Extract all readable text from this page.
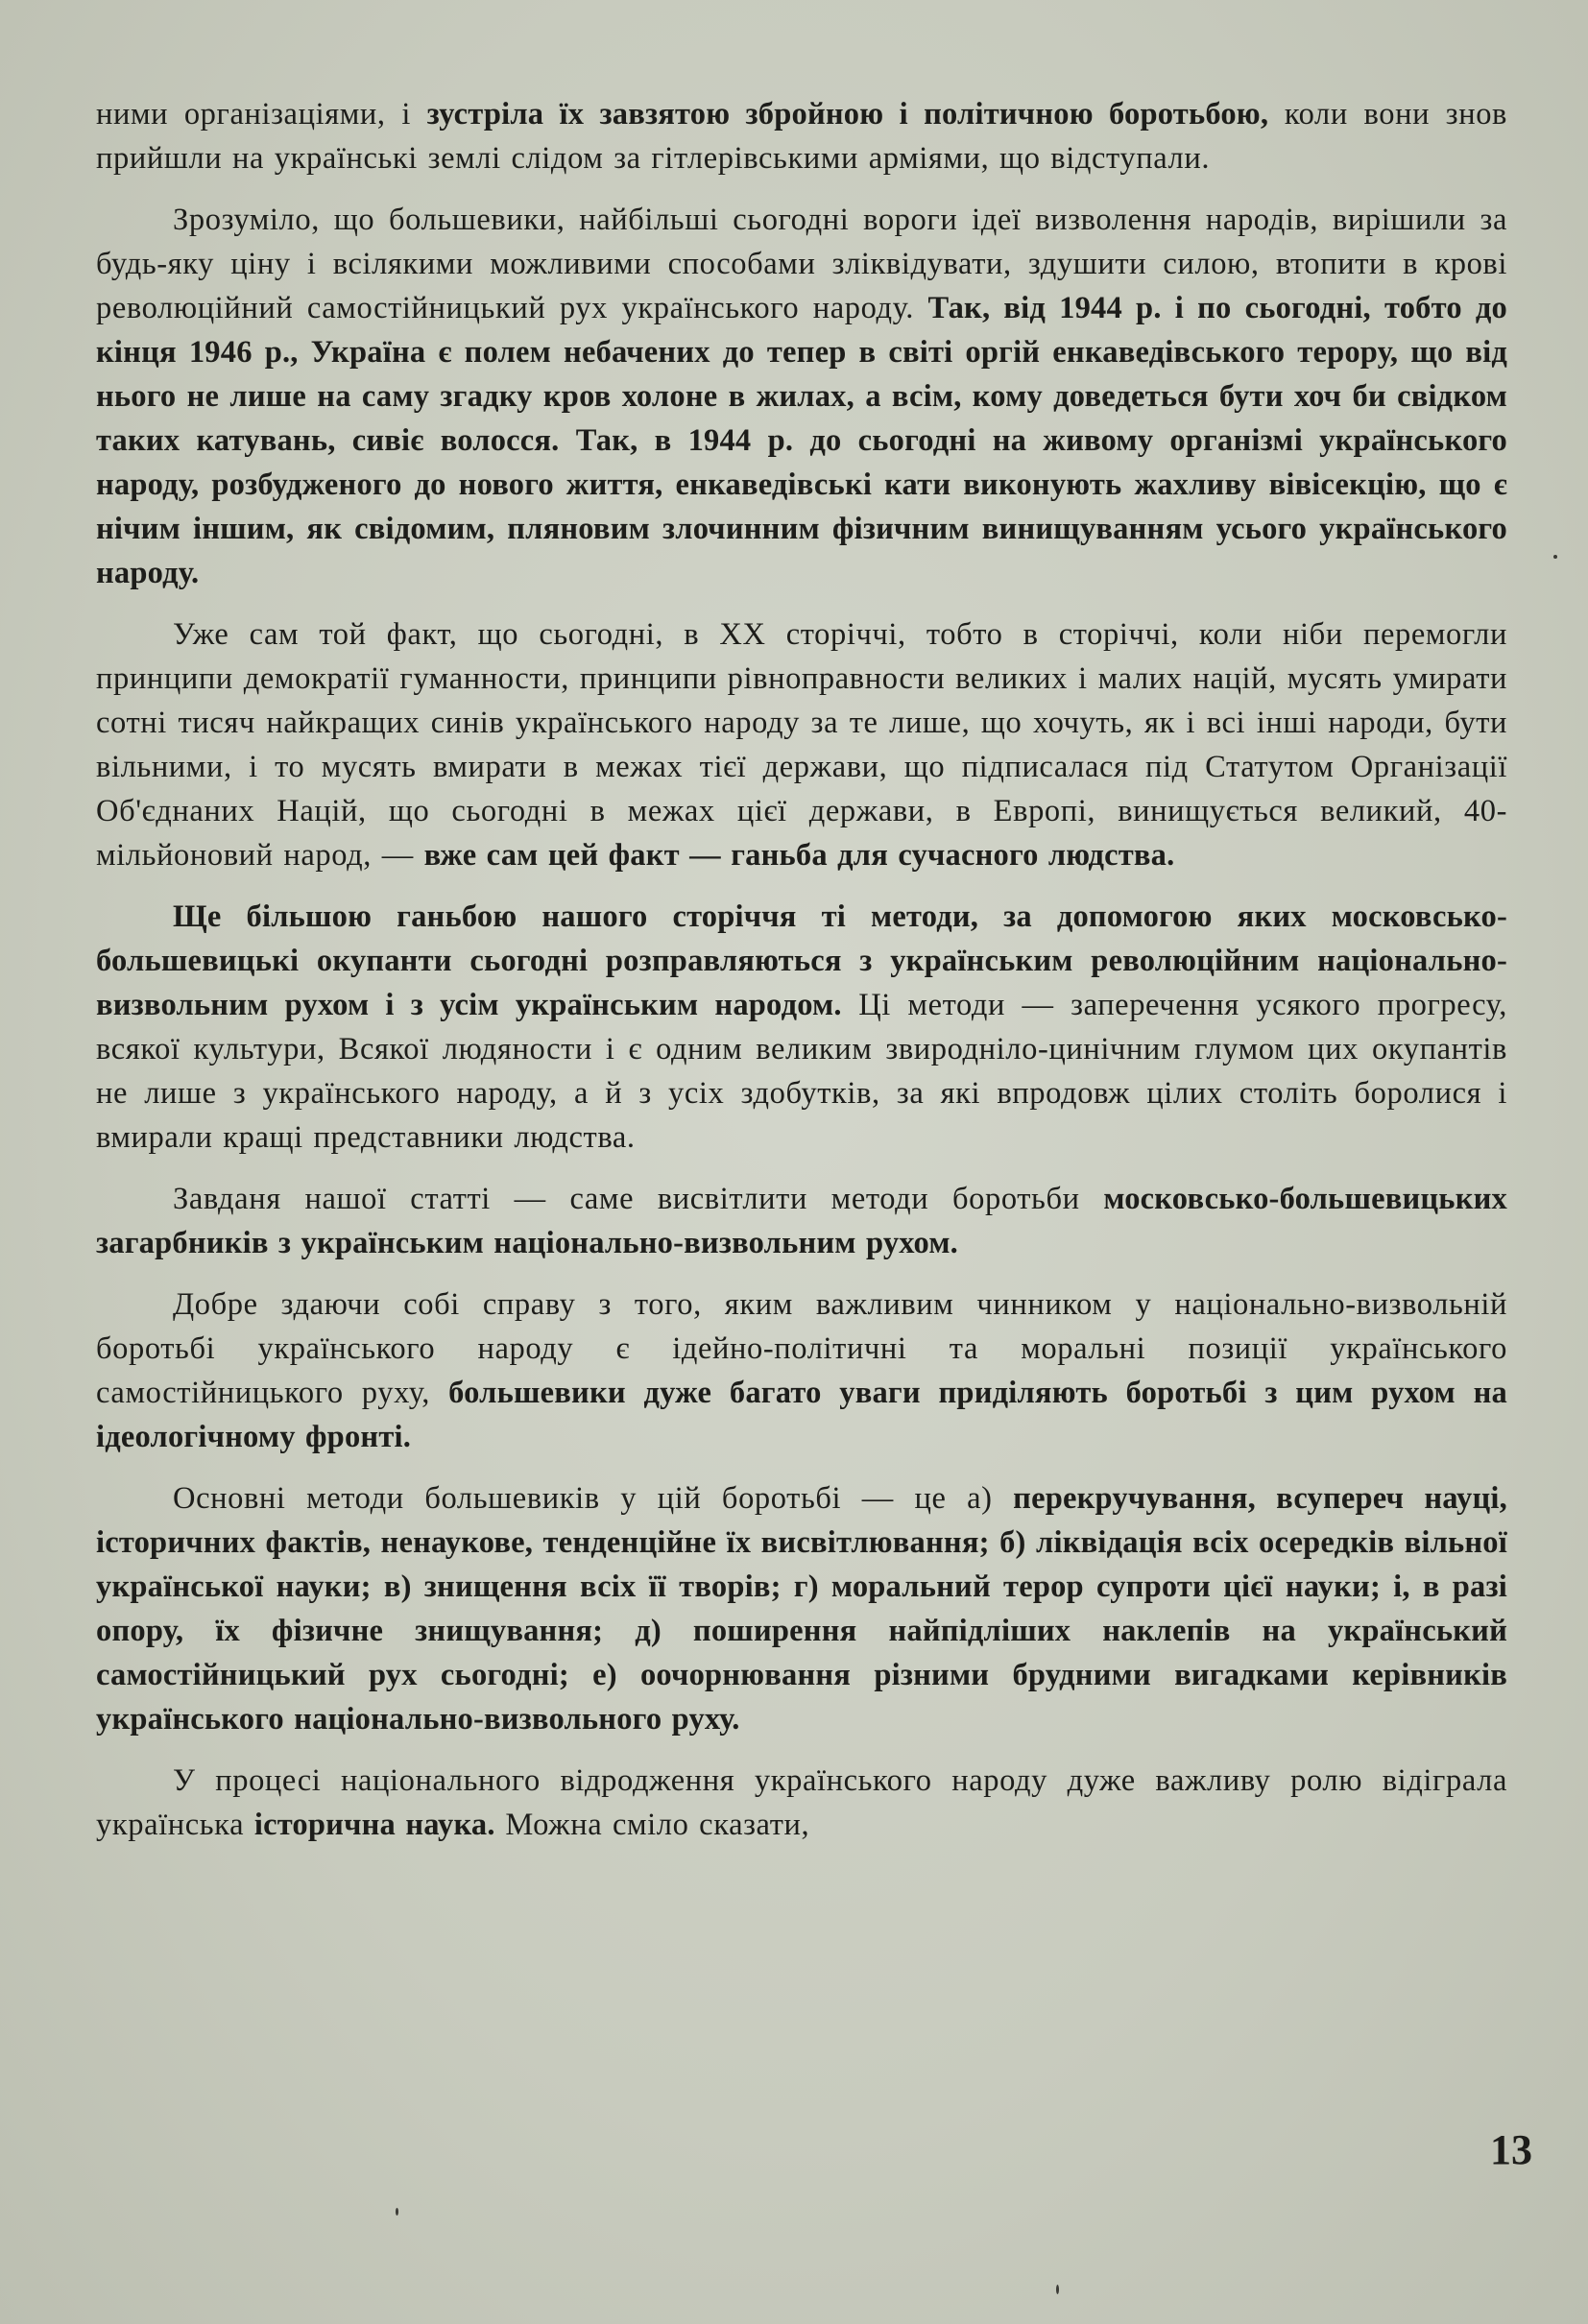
ними організаціями, і зустріла їх завзятою збройною і політичною боротьбою, коли вони знов прийшли на українські землі слідом за гітлерівськими арміями, що відступали.

Зрозуміло, що большевики, найбільші сьогодні вороги ідеї визволення народів, вирішили за будь-яку ціну і всілякими можливими способами зліквідувати, здушити силою, втопити в крові революційний самостійницький рух українського народу. Так, від 1944 р. і по сьогодні, тобто до кінця 1946 р., Україна є полем небачених до тепер в світі оргій енкаведівського терору, що від нього не лише на саму згадку кров холоне в жилах, а всім, кому доведеться бути хоч би свідком таких катувань, сивіє волосся. Так, в 1944 р. до сьогодні на живому організмі українського народу, розбудженого до нового життя, енкаведівські кати виконують жахливу вівісекцію, що є нічим іншим, як свідомим, пляновим злочинним фізичним винищуванням усього українського народу.

Уже сам той факт, що сьогодні, в XX сторіччі, тобто в сторіччі, коли ніби перемогли принципи демократії гуманности, принципи рівноправности великих і малих націй, мусять умирати сотні тисяч найкращих синів українського народу за те лише, що хочуть, як і всі інші народи, бути вільними, і то мусять вмирати в межах тієї держави, що підписалася під Статутом Організації Об'єднаних Націй, що сьогодні в межах цієї держави, в Европі, винищується великий, 40-мільйоновий народ, — вже сам цей факт — ганьба для сучасного людства.

Ще більшою ганьбою нашого сторіччя ті методи, за допомогою яких московсько-большевицькі окупанти сьогодні розправляються з українським революційним національно-визвольним рухом і з усім українським народом. Ці методи — заперечення усякого прогресу, всякої культури, Всякої людяности і є одним великим звироднiло-цинічним глумом цих окупантів не лише з українського народу, а й з усіх здобутків, за які впродовж цілих століть боролися і вмирали кращі представники людства.

Завданя нашої статті — саме висвітлити методи боротьби московсько-большевицьких загарбників з українським національно-визвольним рухом.

Добре здаючи собі справу з того, яким важливим чинником у національно-визвольній боротьбі українського народу є ідейно-політичні та моральні позиції українського самостійницького руху, большевики дуже багато уваги приділяють боротьбі з цим рухом на ідеологічному фронті.

Основні методи большевиків у цій боротьбі — це а) перекручування, всупереч науці, історичних фактів, ненаукове, тенденційне їх висвітлювання; б) ліквідація всіх осередків вільної української науки; в) знищення всіх її творів; г) моральний терор супроти цієї науки; і, в разі опору, їх фізичне знищування; д) поширення найпідліших наклепів на український самостійницький рух сьогодні; е) оочорнювання різними брудними вигадками керівників українського національно-визвольного руху.

У процесі національного відродження українського народу дуже важливу ролю відіграла українська історична наука. Можна сміло сказати,

13
